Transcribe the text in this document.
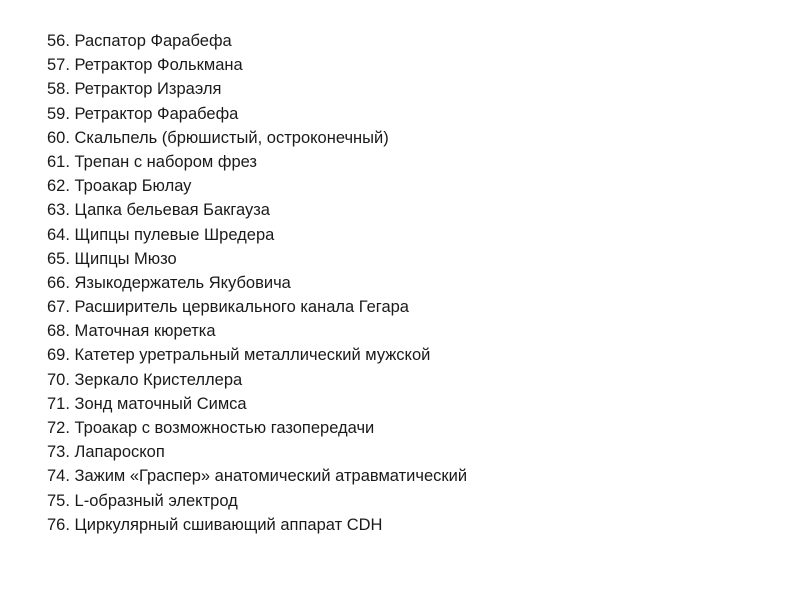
56. Распатор Фарабефа
57. Ретрактор Фолькмана
58. Ретрактор Израэля
59. Ретрактор Фарабефа
60. Скальпель (брюшистый, остроконечный)
61. Трепан с набором фрез
62. Троакар Бюлау
63. Цапка бельевая Бакгауза
64. Щипцы пулевые Шредера
65. Щипцы Мюзо
66. Языкодержатель Якубовича
67. Расширитель цервикального канала Гегара
68. Маточная кюретка
69. Катетер уретральный металлический мужской
70. Зеркало Кристеллера
71. Зонд маточный Симса
72. Троакар с возможностью газопередачи
73. Лапароскоп
74. Зажим «Граспер» анатомический атравматический
75. L-образный электрод
76. Циркулярный сшивающий аппарат CDH
